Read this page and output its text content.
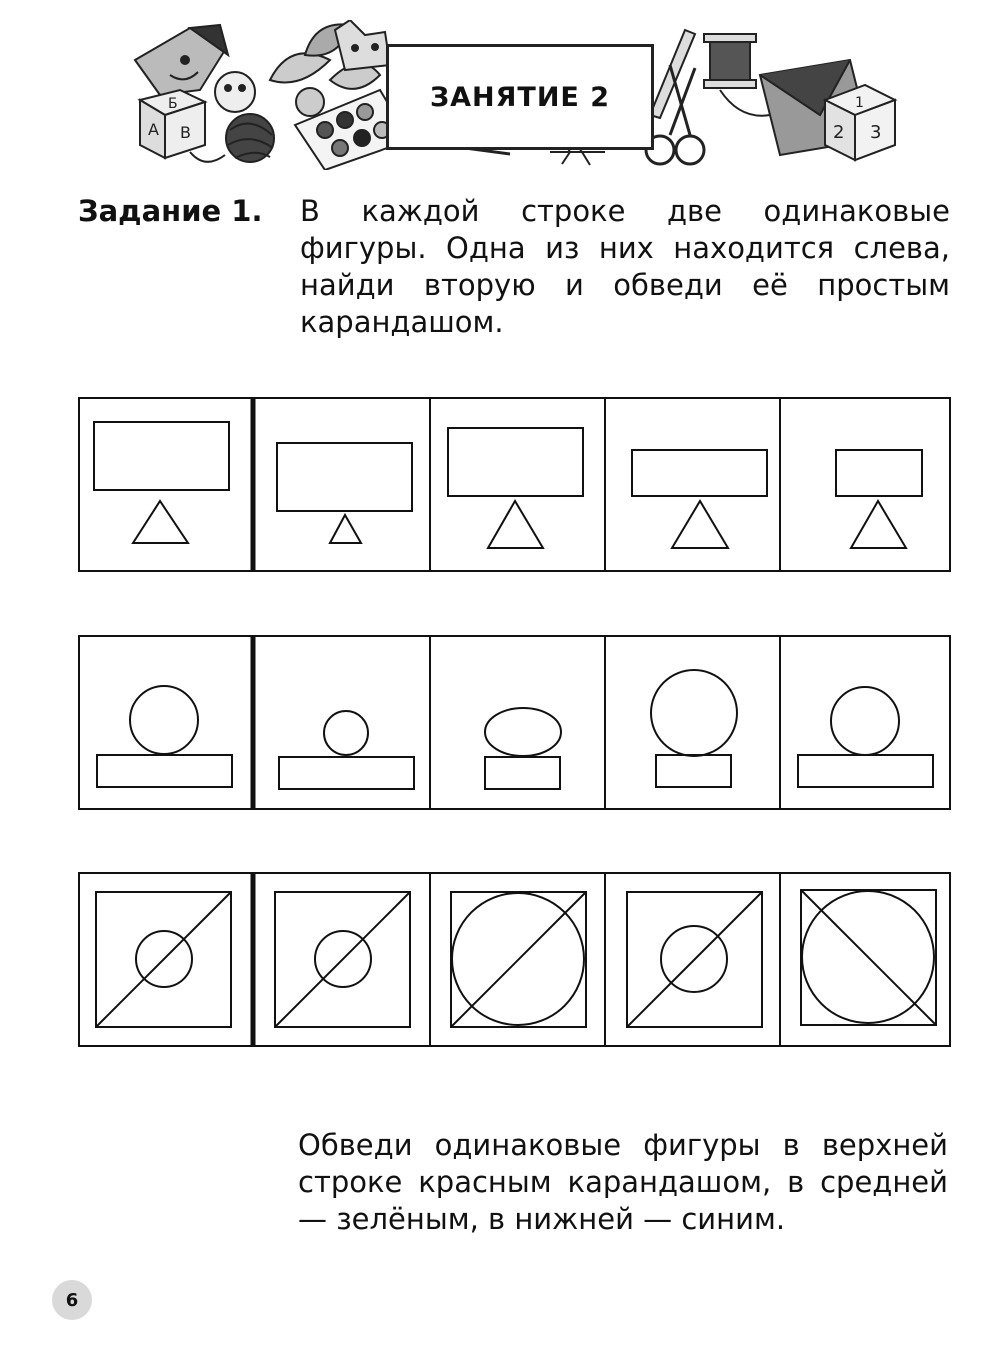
Б
А В
1
2 3
ЗАНЯТИЕ 2
Задание 1. В каждой строке две одинаковые фигуры. Одна из них находится слева, найди вторую и обведи её простым карандашом.
Обведи одинаковые фигуры в верхней строке красным карандашом, в средней — зелёным, в нижней — синим.
6
